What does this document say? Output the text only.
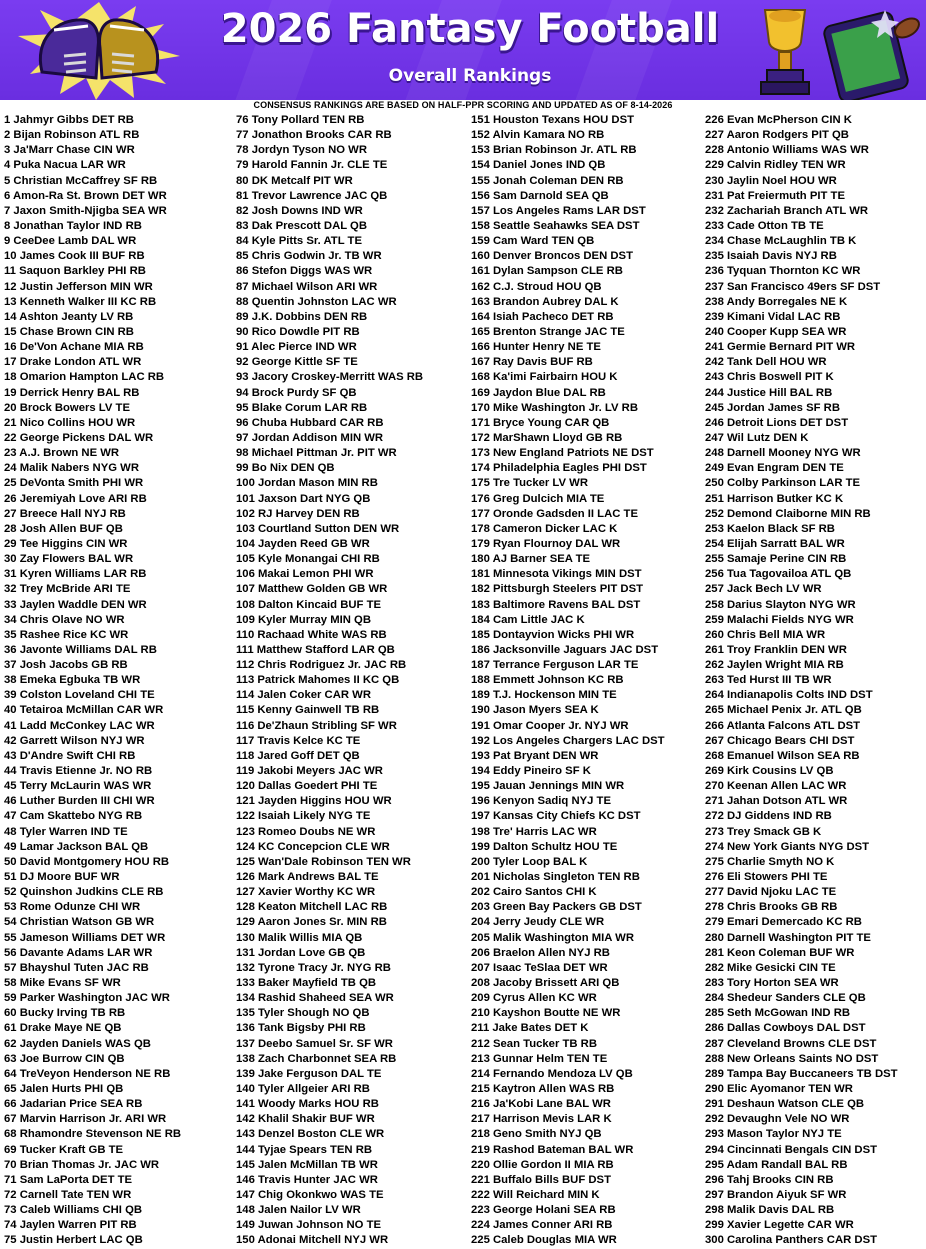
2026 Fantasy Football
Overall Rankings
CONSENSUS RANKINGS ARE BASED ON HALF-PPR SCORING AND UPDATED AS OF 8-14-2026
1 Jahmyr Gibbs DET RB
2 Bijan Robinson ATL RB
3 Ja'Marr Chase CIN WR
4 Puka Nacua LAR WR
5 Christian McCaffrey SF RB
6 Amon-Ra St. Brown DET WR
7 Jaxon Smith-Njigba SEA WR
8 Jonathan Taylor IND RB
9 CeeDee Lamb DAL WR
10 James Cook III BUF RB
11 Saquon Barkley PHI RB
12 Justin Jefferson MIN WR
13 Kenneth Walker III KC RB
14 Ashton Jeanty LV RB
15 Chase Brown CIN RB
16 De'Von Achane MIA RB
17 Drake London ATL WR
18 Omarion Hampton LAC RB
19 Derrick Henry BAL RB
20 Brock Bowers LV TE
21 Nico Collins HOU WR
22 George Pickens DAL WR
23 A.J. Brown NE WR
24 Malik Nabers NYG WR
25 DeVonta Smith PHI WR
26 Jeremiyah Love ARI RB
27 Breece Hall NYJ RB
28 Josh Allen BUF QB
29 Tee Higgins CIN WR
30 Zay Flowers BAL WR
31 Kyren Williams LAR RB
32 Trey McBride ARI TE
33 Jaylen Waddle DEN WR
34 Chris Olave NO WR
35 Rashee Rice KC WR
36 Javonte Williams DAL RB
37 Josh Jacobs GB RB
38 Emeka Egbuka TB WR
39 Colston Loveland CHI TE
40 Tetairoa McMillan CAR WR
41 Ladd McConkey LAC WR
42 Garrett Wilson NYJ WR
43 D'Andre Swift CHI RB
44 Travis Etienne Jr. NO RB
45 Terry McLaurin WAS WR
46 Luther Burden III CHI WR
47 Cam Skattebo NYG RB
48 Tyler Warren IND TE
49 Lamar Jackson BAL QB
50 David Montgomery HOU RB
51 DJ Moore BUF WR
52 Quinshon Judkins CLE RB
53 Rome Odunze CHI WR
54 Christian Watson GB WR
55 Jameson Williams DET WR
56 Davante Adams LAR WR
57 Bhayshul Tuten JAC RB
58 Mike Evans SF WR
59 Parker Washington JAC WR
60 Bucky Irving TB RB
61 Drake Maye NE QB
62 Jayden Daniels WAS QB
63 Joe Burrow CIN QB
64 TreVeyon Henderson NE RB
65 Jalen Hurts PHI QB
66 Jadarian Price SEA RB
67 Marvin Harrison Jr. ARI WR
68 Rhamondre Stevenson NE RB
69 Tucker Kraft GB TE
70 Brian Thomas Jr. JAC WR
71 Sam LaPorta DET TE
72 Carnell Tate TEN WR
73 Caleb Williams CHI QB
74 Jaylen Warren PIT RB
75 Justin Herbert LAC QB
76 Tony Pollard TEN RB
77 Jonathon Brooks CAR RB
78 Jordyn Tyson NO WR
79 Harold Fannin Jr. CLE TE
80 DK Metcalf PIT WR
81 Trevor Lawrence JAC QB
82 Josh Downs IND WR
83 Dak Prescott DAL QB
84 Kyle Pitts Sr. ATL TE
85 Chris Godwin Jr. TB WR
86 Stefon Diggs WAS WR
87 Michael Wilson ARI WR
88 Quentin Johnston LAC WR
89 J.K. Dobbins DEN RB
90 Rico Dowdle PIT RB
91 Alec Pierce IND WR
92 George Kittle SF TE
93 Jacory Croskey-Merritt WAS RB
94 Brock Purdy SF QB
95 Blake Corum LAR RB
96 Chuba Hubbard CAR RB
97 Jordan Addison MIN WR
98 Michael Pittman Jr. PIT WR
99 Bo Nix DEN QB
100 Jordan Mason MIN RB
101 Jaxson Dart NYG QB
102 RJ Harvey DEN RB
103 Courtland Sutton DEN WR
104 Jayden Reed GB WR
105 Kyle Monangai CHI RB
106 Makai Lemon PHI WR
107 Matthew Golden GB WR
108 Dalton Kincaid BUF TE
109 Kyler Murray MIN QB
110 Rachaad White WAS RB
111 Matthew Stafford LAR QB
112 Chris Rodriguez Jr. JAC RB
113 Patrick Mahomes II KC QB
114 Jalen Coker CAR WR
115 Kenny Gainwell TB RB
116 De'Zhaun Stribling SF WR
117 Travis Kelce KC TE
118 Jared Goff DET QB
119 Jakobi Meyers JAC WR
120 Dallas Goedert PHI TE
121 Jayden Higgins HOU WR
122 Isaiah Likely NYG TE
123 Romeo Doubs NE WR
124 KC Concepcion CLE WR
125 Wan'Dale Robinson TEN WR
126 Mark Andrews BAL TE
127 Xavier Worthy KC WR
128 Keaton Mitchell LAC RB
129 Aaron Jones Sr. MIN RB
130 Malik Willis MIA QB
131 Jordan Love GB QB
132 Tyrone Tracy Jr. NYG RB
133 Baker Mayfield TB QB
134 Rashid Shaheed SEA WR
135 Tyler Shough NO QB
136 Tank Bigsby PHI RB
137 Deebo Samuel Sr. SF WR
138 Zach Charbonnet SEA RB
139 Jake Ferguson DAL TE
140 Tyler Allgeier ARI RB
141 Woody Marks HOU RB
142 Khalil Shakir BUF WR
143 Denzel Boston CLE WR
144 Tyjae Spears TEN RB
145 Jalen McMillan TB WR
146 Travis Hunter JAC WR
147 Chig Okonkwo WAS TE
148 Jalen Nailor LV WR
149 Juwan Johnson NO TE
150 Adonai Mitchell NYJ WR
151 Houston Texans HOU DST
152 Alvin Kamara NO RB
153 Brian Robinson Jr. ATL RB
154 Daniel Jones IND QB
155 Jonah Coleman DEN RB
156 Sam Darnold SEA QB
157 Los Angeles Rams LAR DST
158 Seattle Seahawks SEA DST
159 Cam Ward TEN QB
160 Denver Broncos DEN DST
161 Dylan Sampson CLE RB
162 C.J. Stroud HOU QB
163 Brandon Aubrey DAL K
164 Isiah Pacheco DET RB
165 Brenton Strange JAC TE
166 Hunter Henry NE TE
167 Ray Davis BUF RB
168 Ka'imi Fairbairn HOU K
169 Jaydon Blue DAL RB
170 Mike Washington Jr. LV RB
171 Bryce Young CAR QB
172 MarShawn Lloyd GB RB
173 New England Patriots NE DST
174 Philadelphia Eagles PHI DST
175 Tre Tucker LV WR
176 Greg Dulcich MIA TE
177 Oronde Gadsden II LAC TE
178 Cameron Dicker LAC K
179 Ryan Flournoy DAL WR
180 AJ Barner SEA TE
181 Minnesota Vikings MIN DST
182 Pittsburgh Steelers PIT DST
183 Baltimore Ravens BAL DST
184 Cam Little JAC K
185 Dontayvion Wicks PHI WR
186 Jacksonville Jaguars JAC DST
187 Terrance Ferguson LAR TE
188 Emmett Johnson KC RB
189 T.J. Hockenson MIN TE
190 Jason Myers SEA K
191 Omar Cooper Jr. NYJ WR
192 Los Angeles Chargers LAC DST
193 Pat Bryant DEN WR
194 Eddy Pineiro SF K
195 Jauan Jennings MIN WR
196 Kenyon Sadiq NYJ TE
197 Kansas City Chiefs KC DST
198 Tre' Harris LAC WR
199 Dalton Schultz HOU TE
200 Tyler Loop BAL K
201 Nicholas Singleton TEN RB
202 Cairo Santos CHI K
203 Green Bay Packers GB DST
204 Jerry Jeudy CLE WR
205 Malik Washington MIA WR
206 Braelon Allen NYJ RB
207 Isaac TeSlaa DET WR
208 Jacoby Brissett ARI QB
209 Cyrus Allen KC WR
210 Kayshon Boutte NE WR
211 Jake Bates DET K
212 Sean Tucker TB RB
213 Gunnar Helm TEN TE
214 Fernando Mendoza LV QB
215 Kaytron Allen WAS RB
216 Ja'Kobi Lane BAL WR
217 Harrison Mevis LAR K
218 Geno Smith NYJ QB
219 Rashod Bateman BAL WR
220 Ollie Gordon II MIA RB
221 Buffalo Bills BUF DST
222 Will Reichard MIN K
223 George Holani SEA RB
224 James Conner ARI RB
225 Caleb Douglas MIA WR
226 Evan McPherson CIN K
227 Aaron Rodgers PIT QB
228 Antonio Williams WAS WR
229 Calvin Ridley TEN WR
230 Jaylin Noel HOU WR
231 Pat Freiermuth PIT TE
232 Zachariah Branch ATL WR
233 Cade Otton TB TE
234 Chase McLaughlin TB K
235 Isaiah Davis NYJ RB
236 Tyquan Thornton KC WR
237 San Francisco 49ers SF DST
238 Andy Borregales NE K
239 Kimani Vidal LAC RB
240 Cooper Kupp SEA WR
241 Germie Bernard PIT WR
242 Tank Dell HOU WR
243 Chris Boswell PIT K
244 Justice Hill BAL RB
245 Jordan James SF RB
246 Detroit Lions DET DST
247 Wil Lutz DEN K
248 Darnell Mooney NYG WR
249 Evan Engram DEN TE
250 Colby Parkinson LAR TE
251 Harrison Butker KC K
252 Demond Claiborne MIN RB
253 Kaelon Black SF RB
254 Elijah Sarratt BAL WR
255 Samaje Perine CIN RB
256 Tua Tagovailoa ATL QB
257 Jack Bech LV WR
258 Darius Slayton NYG WR
259 Malachi Fields NYG WR
260 Chris Bell MIA WR
261 Troy Franklin DEN WR
262 Jaylen Wright MIA RB
263 Ted Hurst III TB WR
264 Indianapolis Colts IND DST
265 Michael Penix Jr. ATL QB
266 Atlanta Falcons ATL DST
267 Chicago Bears CHI DST
268 Emanuel Wilson SEA RB
269 Kirk Cousins LV QB
270 Keenan Allen LAC WR
271 Jahan Dotson ATL WR
272 DJ Giddens IND RB
273 Trey Smack GB K
274 New York Giants NYG DST
275 Charlie Smyth NO K
276 Eli Stowers PHI TE
277 David Njoku LAC TE
278 Chris Brooks GB RB
279 Emari Demercado KC RB
280 Darnell Washington PIT TE
281 Keon Coleman BUF WR
282 Mike Gesicki CIN TE
283 Tory Horton SEA WR
284 Shedeur Sanders CLE QB
285 Seth McGowan IND RB
286 Dallas Cowboys DAL DST
287 Cleveland Browns CLE DST
288 New Orleans Saints NO DST
289 Tampa Bay Buccaneers TB DST
290 Elic Ayomanor TEN WR
291 Deshaun Watson CLE QB
292 Devaughn Vele NO WR
293 Mason Taylor NYJ TE
294 Cincinnati Bengals CIN DST
295 Adam Randall BAL RB
296 Tahj Brooks CIN RB
297 Brandon Aiyuk SF WR
298 Malik Davis DAL RB
299 Xavier Legette CAR WR
300 Carolina Panthers CAR DST
